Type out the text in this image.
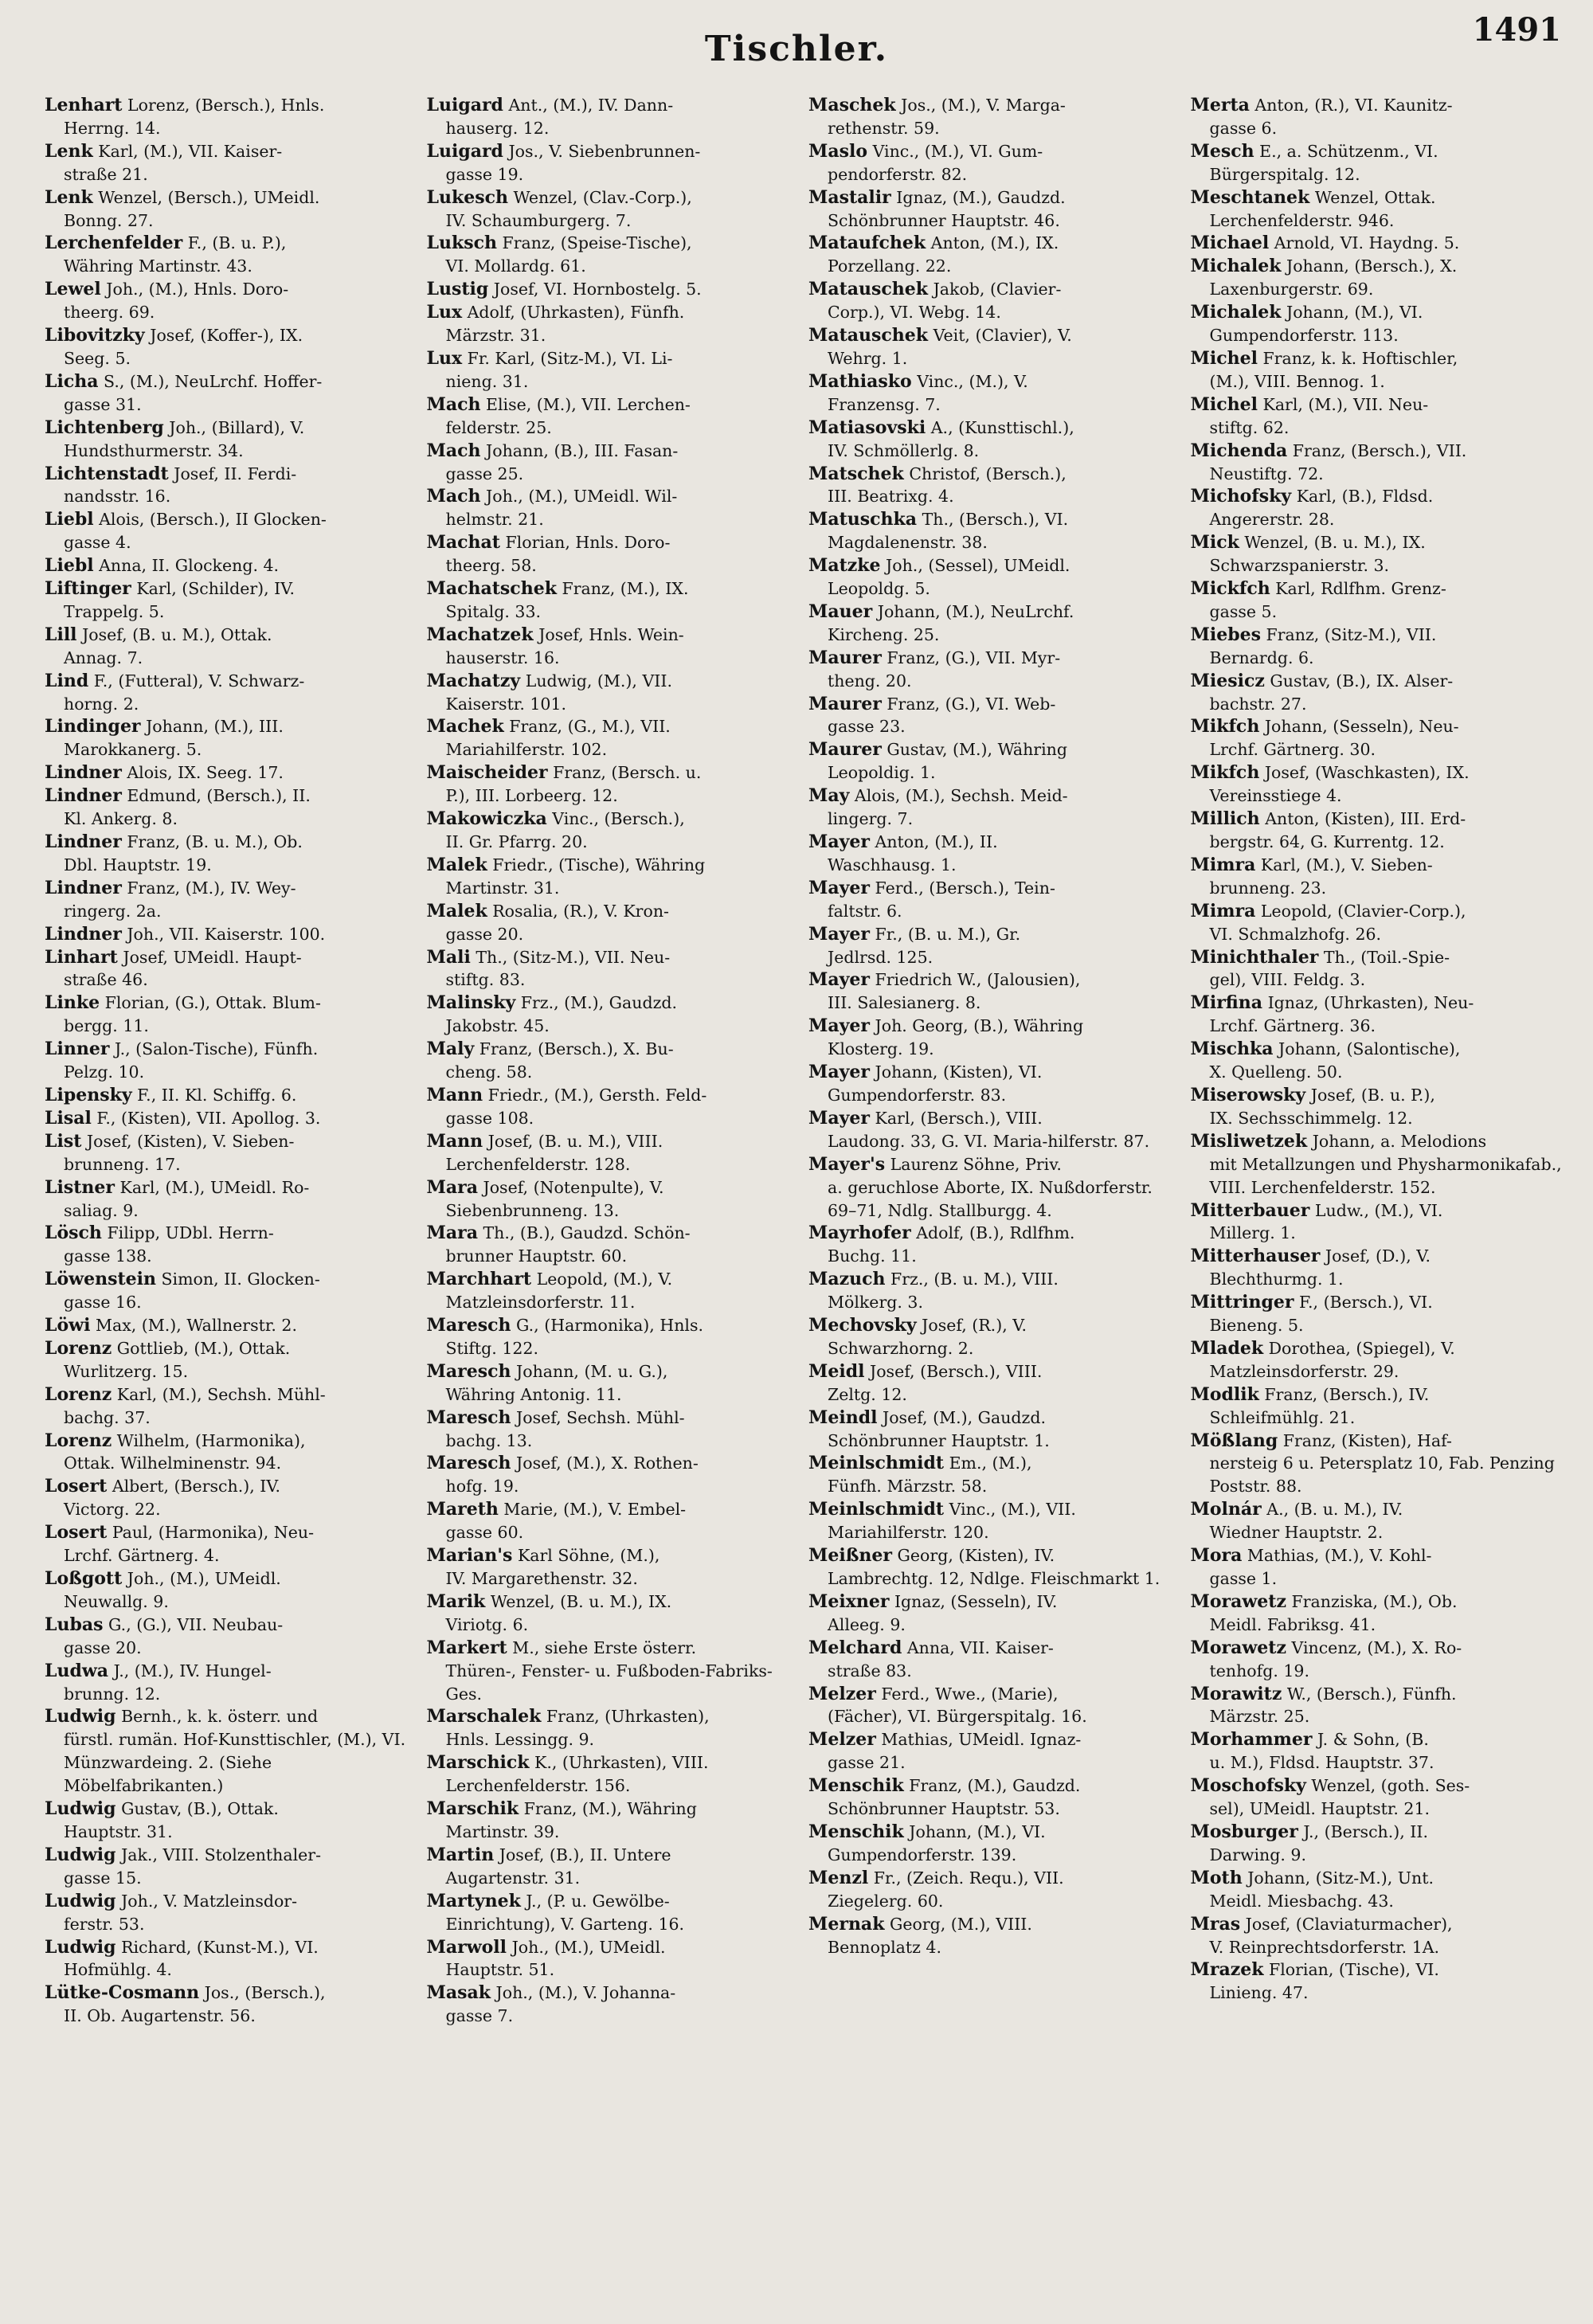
Tischler.	1491

Lenhart Lorenz, (Bersch.), Hnls.
Herrng. 14.

Lenk Karl, (M.), VII. Kaiser-
straße 21.

Lenk Wenzel, (Bersch.), UMeidl.
Bonng. 27.

Lerchenfelder F., (B. u. P.),
Währing Martinstr. 43.

Lewel Joh., (M.), Hnls. Doro-
theerg. 69.

Libovitzky Josef, (Koffer-), IX.
Seeg. 5.

Licha S., (M.), NeuLrchf. Hoffer-
gasse 31.

Lichtenberg Joh., (Billard), V.
Hundsthurmerstr. 34.

Lichtenstadt Josef, II. Ferdi-
nandsstr. 16.

Liebl Alois, (Bersch.), II Glocken-
gasse 4.

Liebl Anna, II. Glockeng. 4.

Liftinger Karl, (Schilder), IV.
Trappelg. 5.

Lill Josef, (B. u. M.), Ottak.
Annag. 7.

Lind F., (Futteral), V. Schwarz-
horng. 2.

Lindinger Johann, (M.), III.
Marokkanerg. 5.

Lindner Alois, IX. Seeg. 17.

Lindner Edmund, (Bersch.), II.
Kl. Ankerg. 8.

Lindner Franz, (B. u. M.), Ob.
Dbl. Hauptstr. 19.

Lindner Franz, (M.), IV. Wey-
ringerg. 2a.

Lindner Joh., VII. Kaiserstr. 100.

Linhart Josef, UMeidl. Haupt-
straße 46.

Linke Florian, (G.), Ottak. Blum-
bergg. 11.

Linner J., (Salon-Tische), Fünfh.
Pelzg. 10.

Lipensky F., II. Kl. Schiffg. 6.

Lisal F., (Kisten), VII. Apollog. 3.

List Josef, (Kisten), V. Sieben-
brunneng. 17.

Listner Karl, (M.), UMeidl. Ro-
saliag. 9.

Lösch Filipp, UDbl. Herrn-
gasse 138.

Löwenstein Simon, II. Glocken-
gasse 16.

Löwi Max, (M.), Wallnerstr. 2.

Lorenz Gottlieb, (M.), Ottak.
Wurlitzerg. 15.

Lorenz Karl, (M.), Sechsh. Mühl-
bachg. 37.

Lorenz Wilhelm, (Harmonika),
Ottak. Wilhelminenstr. 94.

Losert Albert, (Bersch.), IV.
Victorg. 22.

Losert Paul, (Harmonika), Neu-
Lrchf. Gärtnerg. 4.

Loßgott Joh., (M.), UMeidl.
Neuwallg. 9.

Lubas G., (G.), VII. Neubau-
gasse 20.

Ludwa J., (M.), IV. Hungel-
brunng. 12.

Ludwig Bernh., k. k. österr. und
fürstl. rumän. Hof-Kunsttischler, (M.), VI. Münzwardeing. 2. (Siehe Möbelfabrikanten.)

Ludwig Gustav, (B.), Ottak.
Hauptstr. 31.

Ludwig Jak., VIII. Stolzenthaler-
gasse 15.

Ludwig Joh., V. Matzleinsdor-
ferstr. 53.

Ludwig Richard, (Kunst-M.), VI.
Hofmühlg. 4.

Lütke-Cosmann Jos., (Bersch.),
II. Ob. Augartenstr. 56.

Luigard Ant., (M.), IV. Dann-
hauserg. 12.

Luigard Jos., V. Siebenbrunnen-
gasse 19.

Lukesch Wenzel, (Clav.-Corp.),
IV. Schaumburgerg. 7.

Luksch Franz, (Speise-Tische),
VI. Mollardg. 61.

Lustig Josef, VI. Hornbostelg. 5.

Lux Adolf, (Uhrkasten), Fünfh.
Märzstr. 31.

Lux Fr. Karl, (Sitz-M.), VI. Li-
nieng. 31.

Mach Elise, (M.), VII. Lerchen-
felderstr. 25.

Mach Johann, (B.), III. Fasan-
gasse 25.

Mach Joh., (M.), UMeidl. Wil-
helmstr. 21.

Machat Florian, Hnls. Doro-
theerg. 58.

Machatschek Franz, (M.), IX.
Spitalg. 33.

Machatzek Josef, Hnls. Wein-
hauserstr. 16.

Machatzy Ludwig, (M.), VII.
Kaiserstr. 101.

Machek Franz, (G., M.), VII.
Mariahilferstr. 102.

Maischeider Franz, (Bersch. u.
P.), III. Lorbeerg. 12.

Makowiczka Vinc., (Bersch.),
II. Gr. Pfarrg. 20.

Malek Friedr., (Tische), Währing
Martinstr. 31.

Malek Rosalia, (R.), V. Kron-
gasse 20.

Mali Th., (Sitz-M.), VII. Neu-
stiftg. 83.

Malinsky Frz., (M.), Gaudzd.
Jakobstr. 45.

Maly Franz, (Bersch.), X. Bu-
cheng. 58.

Mann Friedr., (M.), Gersth. Feld-
gasse 108.

Mann Josef, (B. u. M.), VIII.
Lerchenfelderstr. 128.

Mara Josef, (Notenpulte), V.
Siebenbrunneng. 13.

Mara Th., (B.), Gaudzd. Schön-
brunner Hauptstr. 60.

Marchhart Leopold, (M.), V.
Matzleinsdorferstr. 11.

Maresch G., (Harmonika), Hnls.
Stiftg. 122.

Maresch Johann, (M. u. G.),
Währing Antonig. 11.

Maresch Josef, Sechsh. Mühl-
bachg. 13.

Maresch Josef, (M.), X. Rothen-
hofg. 19.

Mareth Marie, (M.), V. Embel-
gasse 60.

Marian's Karl Söhne, (M.),
IV. Margarethenstr. 32.

Marik Wenzel, (B. u. M.), IX.
Viriotg. 6.

Markert M., siehe Erste österr.
Thüren-, Fenster- u. Fußboden-Fabriks-Ges.

Marschalek Franz, (Uhrkasten),
Hnls. Lessingg. 9.

Marschick K., (Uhrkasten), VIII.
Lerchenfelderstr. 156.

Marschik Franz, (M.), Währing
Martinstr. 39.

Martin Josef, (B.), II. Untere
Augartenstr. 31.

Martynek J., (P. u. Gewölbe-
Einrichtung), V. Garteng. 16.

Marwoll Joh., (M.), UMeidl.
Hauptstr. 51.

Masak Joh., (M.), V. Johanna-
gasse 7.

Maschek Jos., (M.), V. Marga-
rethenstr. 59.

Maslo Vinc., (M.), VI. Gum-
pendorferstr. 82.

Mastalir Ignaz, (M.), Gaudzd.
Schönbrunner Hauptstr. 46.

Mataufchek Anton, (M.), IX.
Porzellang. 22.

Matauschek Jakob, (Clavier-
Corp.), VI. Webg. 14.

Matauschek Veit, (Clavier), V.
Wehrg. 1.

Mathiasko Vinc., (M.), V.
Franzensg. 7.

Matiasovski A., (Kunsttischl.),
IV. Schmöllerlg. 8.

Matschek Christof, (Bersch.),
III. Beatrixg. 4.

Matuschka Th., (Bersch.), VI.
Magdalenenstr. 38.

Matzke Joh., (Sessel), UMeidl.
Leopoldg. 5.

Mauer Johann, (M.), NeuLrchf.
Kircheng. 25.

Maurer Franz, (G.), VII. Myr-
theng. 20.

Maurer Franz, (G.), VI. Web-
gasse 23.

Maurer Gustav, (M.), Währing
Leopoldig. 1.

May Alois, (M.), Sechsh. Meid-
lingerg. 7.

Mayer Anton, (M.), II.
Waschhausg. 1.

Mayer Ferd., (Bersch.), Tein-
faltstr. 6.

Mayer Fr., (B. u. M.), Gr.
Jedlrsd. 125.

Mayer Friedrich W., (Jalousien),
III. Salesianerg. 8.

Mayer Joh. Georg, (B.), Währing
Klosterg. 19.

Mayer Johann, (Kisten), VI.
Gumpendorferstr. 83.

Mayer Karl, (Bersch.), VIII.
Laudong. 33, G. VI. Maria-hilferstr. 87.

Mayer's Laurenz Söhne, Priv.
a. geruchlose Aborte, IX. Nußdorferstr. 69–71, Ndlg. Stallburgg. 4.

Mayrhofer Adolf, (B.), Rdlfhm.
Buchg. 11.

Mazuch Frz., (B. u. M.), VIII.
Mölkerg. 3.

Mechovsky Josef, (R.), V.
Schwarzhorng. 2.

Meidl Josef, (Bersch.), VIII.
Zeltg. 12.

Meindl Josef, (M.), Gaudzd.
Schönbrunner Hauptstr. 1.

Meinlschmidt Em., (M.),
Fünfh. Märzstr. 58.

Meinlschmidt Vinc., (M.), VII.
Mariahilferstr. 120.

Meißner Georg, (Kisten), IV.
Lambrechtg. 12, Ndlge. Fleischmarkt 1.

Meixner Ignaz, (Sesseln), IV.
Alleeg. 9.

Melchard Anna, VII. Kaiser-
straße 83.

Melzer Ferd., Wwe., (Marie),
(Fächer), VI. Bürgerspitalg. 16.

Melzer Mathias, UMeidl. Ignaz-
gasse 21.

Menschik Franz, (M.), Gaudzd.
Schönbrunner Hauptstr. 53.

Menschik Johann, (M.), VI.
Gumpendorferstr. 139.

Menzl Fr., (Zeich. Requ.), VII.
Ziegelerg. 60.

Mernak Georg, (M.), VIII.
Bennoplatz 4.

Merta Anton, (R.), VI. Kaunitz-
gasse 6.

Mesch E., a. Schützenm., VI.
Bürgerspitalg. 12.

Meschtanek Wenzel, Ottak.
Lerchenfelderstr. 946.

Michael Arnold, VI. Haydng. 5.

Michalek Johann, (Bersch.), X.
Laxenburgerstr. 69.

Michalek Johann, (M.), VI.
Gumpendorferstr. 113.

Michel Franz, k. k. Hoftischler,
(M.), VIII. Bennog. 1.

Michel Karl, (M.), VII. Neu-
stiftg. 62.

Michenda Franz, (Bersch.), VII.
Neustiftg. 72.

Michofsky Karl, (B.), Fldsd.
Angererstr. 28.

Mick Wenzel, (B. u. M.), IX.
Schwarzspanierstr. 3.

Mickfch Karl, Rdlfhm. Grenz-
gasse 5.

Miebes Franz, (Sitz-M.), VII.
Bernardg. 6.

Miesicz Gustav, (B.), IX. Alser-
bachstr. 27.

Mikfch Johann, (Sesseln), Neu-
Lrchf. Gärtnerg. 30.

Mikfch Josef, (Waschkasten), IX.
Vereinsstiege 4.

Millich Anton, (Kisten), III. Erd-
bergstr. 64, G. Kurrentg. 12.

Mimra Karl, (M.), V. Sieben-
brunneng. 23.

Mimra Leopold, (Clavier-Corp.),
VI. Schmalzhofg. 26.

Minichthaler Th., (Toil.-Spie-
gel), VIII. Feldg. 3.

Mirfina Ignaz, (Uhrkasten), Neu-
Lrchf. Gärtnerg. 36.

Mischka Johann, (Salontische),
X. Quelleng. 50.

Miserowsky Josef, (B. u. P.),
IX. Sechsschimmelg. 12.

Misliwetzek Johann, a. Melodions
mit Metallzungen und Physharmonikafab., VIII. Lerchenfelderstr. 152.

Mitterbauer Ludw., (M.), VI.
Millerg. 1.

Mitterhauser Josef, (D.), V.
Blechthurmg. 1.

Mittringer F., (Bersch.), VI.
Bieneng. 5.

Mladek Dorothea, (Spiegel), V.
Matzleinsdorferstr. 29.

Modlik Franz, (Bersch.), IV.
Schleifmühlg. 21.

Mößlang Franz, (Kisten), Haf-
nersteig 6 u. Petersplatz 10, Fab. Penzing Poststr. 88.

Molnár A., (B. u. M.), IV.
Wiedner Hauptstr. 2.

Mora Mathias, (M.), V. Kohl-
gasse 1.

Morawetz Franziska, (M.), Ob.
Meidl. Fabriksg. 41.

Morawetz Vincenz, (M.), X. Ro-
tenhofg. 19.

Morawitz W., (Bersch.), Fünfh.
Märzstr. 25.

Morhammer J. & Sohn, (B.
u. M.), Fldsd. Hauptstr. 37.

Moschofsky Wenzel, (goth. Ses-
sel), UMeidl. Hauptstr. 21.

Mosburger J., (Bersch.), II.
Darwing. 9.

Moth Johann, (Sitz-M.), Unt.
Meidl. Miesbachg. 43.

Mras Josef, (Claviaturmacher),
V. Reinprechtsdorferstr. 1A.

Mrazek Florian, (Tische), VI.
Linieng. 47.
